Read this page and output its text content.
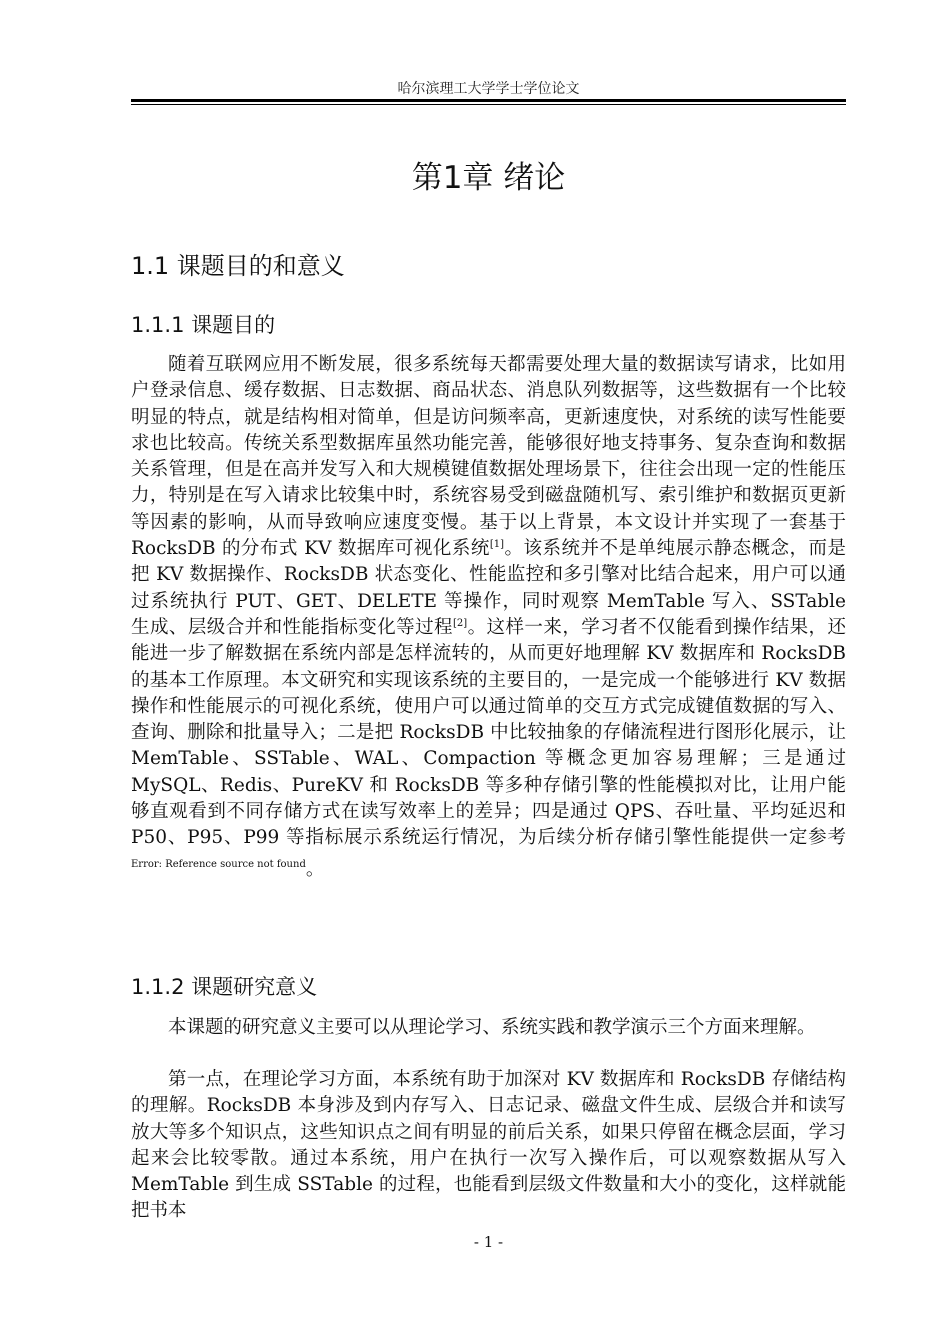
哈尔滨理工大学学士学位论文
第1章 绪论
1.1 课题目的和意义
1.1.1 课题目的

随着互联网应用不断发展，很多系统每天都需要处理大量的数据读写请求，比如用户登录信息、缓存数据、日志数据、商品状态、消息队列数据等，这些数据有一个比较明显的特点，就是结构相对简单，但是访问频率高，更新速度快，对系统的读写性能要求也比较高。传统关系型数据库虽然功能完善，能够很好地支持事务、复杂查询和数据关系管理，但是在高并发写入和大规模键值数据处理场景下，往往会出现一定的性能压力，特别是在写入请求比较集中时，系统容易受到磁盘随机写、索引维护和数据页更新等因素的影响，从而导致响应速度变慢。基于以上背景，本文设计并实现了一套基于 RocksDB 的分布式 KV 数据库可视化系统[1]。该系统并不是单纯展示静态概念，而是把 KV 数据操作、RocksDB 状态变化、性能监控和多引擎对比结合起来，用户可以通过系统执行 PUT、GET、DELETE 等操作，同时观察 MemTable 写入、SSTable 生成、层级合并和性能指标变化等过程[2]。这样一来，学习者不仅能看到操作结果，还能进一步了解数据在系统内部是怎样流转的，从而更好地理解 KV 数据库和 RocksDB 的基本工作原理。本文研究和实现该系统的主要目的，一是完成一个能够进行 KV 数据操作和性能展示的可视化系统，使用户可以通过简单的交互方式完成键值数据的写入、查询、删除和批量导入；二是把 RocksDB 中比较抽象的存储流程进行图形化展示，让 MemTable、SSTable、WAL、Compaction 等概念更加容易理解；三是通过 MySQL、Redis、PureKV 和 RocksDB 等多种存储引擎的性能模拟对比，让用户能够直观看到不同存储方式在读写效率上的差异；四是通过 QPS、吞吐量、平均延迟和 P50、P95、P99 等指标展示系统运行情况，为后续分析存储引擎性能提供一定参考$^{Error: Reference source not found}$。

1.1.2 课题研究意义

本课题的研究意义主要可以从理论学习、系统实践和教学演示三个方面来理解。

第一点，在理论学习方面，本系统有助于加深对 KV 数据库和 RocksDB 存储结构的理解。RocksDB 本身涉及到内存写入、日志记录、磁盘文件生成、层级合并和读写放大等多个知识点，这些知识点之间有明显的前后关系，如果只停留在概念层面，学习起来会比较零散。通过本系统，用户在执行一次写入操作后，可以观察数据从写入 MemTable 到生成 SSTable 的过程，也能看到层级文件数量和大小的变化，这样就能把书本

- 1 -
